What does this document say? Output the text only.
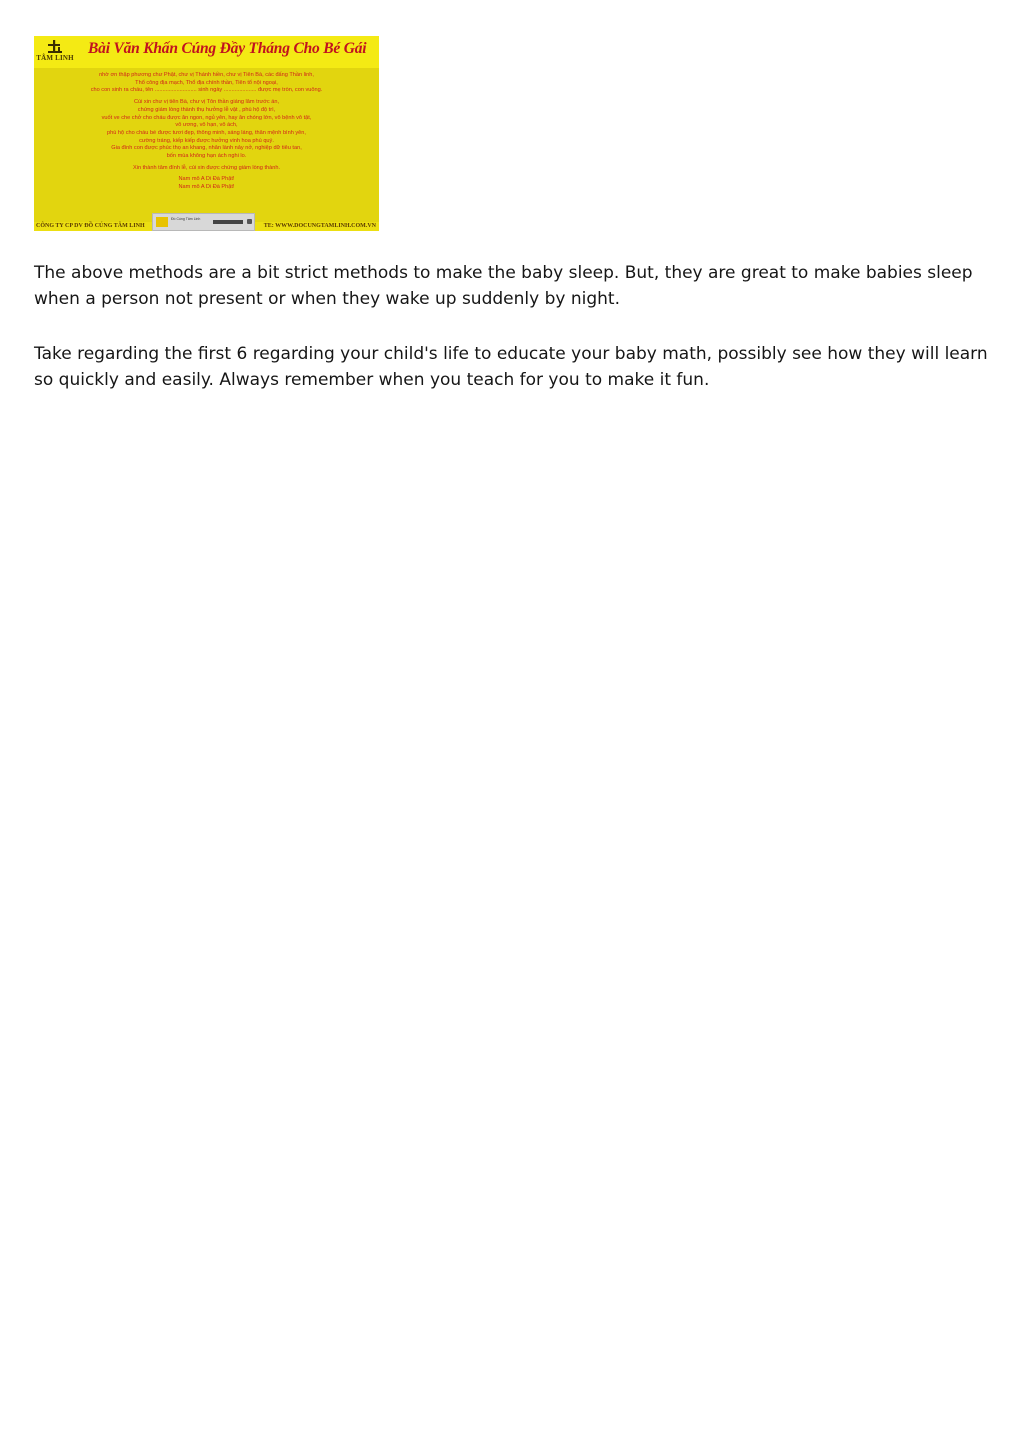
TÂM LINH
Bài Văn Khấn Cúng Đầy Tháng Cho Bé Gái
nhờ ơn thập phương chư Phật, chư vị Thánh hiền, chư vị Tiên Bà, các đấng Thần linh,
Thổ công địa mạch, Thổ địa chính thần, Tiên tổ nội ngoại,
cho con sinh ra cháu, tên ........................... sinh ngày ..................... được mẹ tròn, con vuông.
Cúi xin chư vị tiên Bà, chư vị Tôn thần giáng lâm trước án,
chứng giám lòng thành thụ hưởng lễ vật , phù hộ độ trì,
vuốt ve che chở cho cháu được ăn ngon, ngủ yên, hay ăn chóng lớn, vô bệnh vô tật,
vô ương, vô hạn, vô ách,
phù hộ cho cháu bé được tươi đẹp, thông minh, sáng láng, thân mệnh bình yên,
cường tráng, kiếp kiếp được hưởng vinh hoa phú quý.
Gia đình con được phúc thọ an khang, nhân lành nảy nở, nghiệp dữ tiêu tan,
bốn mùa không hạn ách nghi lo.
Xin thành tâm đính lễ, cúi xin được chứng giám lòng thành.
Nam mô A Di Đà Phật!
Nam mô A Di Đà Phật!
CÔNG TY CP DV ĐỒ CÚNG TÂM LINH	TE: WWW.DOCUNGTAMLINH.COM.VN
Đồ Cúng Tâm Linh

The above methods are a bit strict methods to make the baby sleep. But, they are great to make babies sleep when a person not present or when they wake up suddenly by night.

Take regarding the first 6 regarding your child's life to educate your baby math, possibly see how they will learn so quickly and easily. Always remember when you teach for you to make it fun.
